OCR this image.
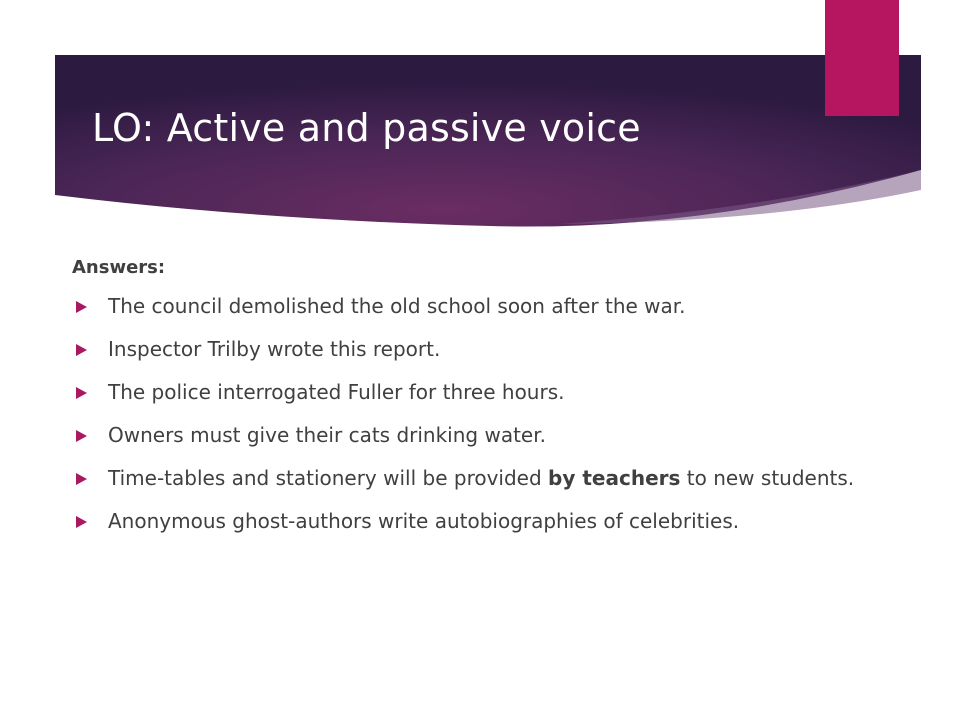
LO: Active and passive voice
Answers:
The council demolished the old school soon after the war.
Inspector Trilby wrote this report.
The police interrogated Fuller for three hours.
Owners must give their cats drinking water.
Time-tables and stationery will be provided by teachers to new students.
Anonymous ghost-authors write autobiographies of celebrities.
